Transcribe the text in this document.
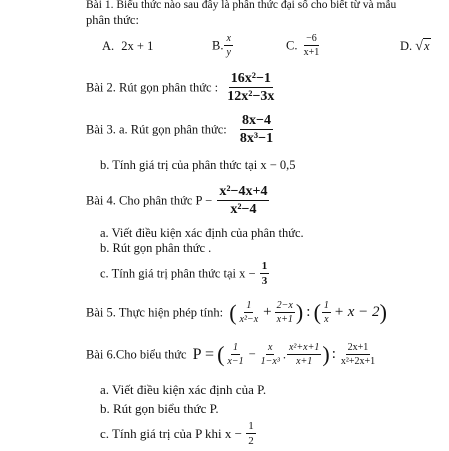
Bài 1. Biểu thức nào sau đây là phân thức đại số cho biết từ và mẫu
phân thức:
A. 2x + 1	B. $\frac{x}{y}$	C. $\frac{-6}{x+1}$	D. √x
Bài 2. Rút gọn phân thức : $\frac{\text{16x²−1}}{\text{12x²−3x}}$
Bài 3. a. Rút gọn phân thức: $\frac{8x-4}{\text{8x³−1}}$
b. Tính giá trị của phân thức tại x − 0,5
Bài 4. Cho phân thức $P - \frac{\text{x²−4x+4}}{\text{x²−4}}$
a. Viết điều kiện xác định của phân thức.
b. Rút gọn phân thức .
c. Tính giá trị phân thức tại $x - \frac{1}{3}$
Bài 5. Thực hiện phép tính: ( $\frac{1}{\text{x²−x}} + \frac{2-x}{x+1}$ ) : ( $\frac{1}{x} + x - 2$)
Bài 6.Cho biểu thức P = ( $\frac{1}{x-1} - \frac{x}{\text{1−x³}}$ . $\frac{\text{x²+x+1}}{x+1}$ ) : $\frac{2x+1}{\text{x²+2x+1}}$
a. Viết điều kiện xác định của P.
b. Rút gọn biểu thức P.
c. Tính giá trị của P khi $x - \frac{1}{2}$
